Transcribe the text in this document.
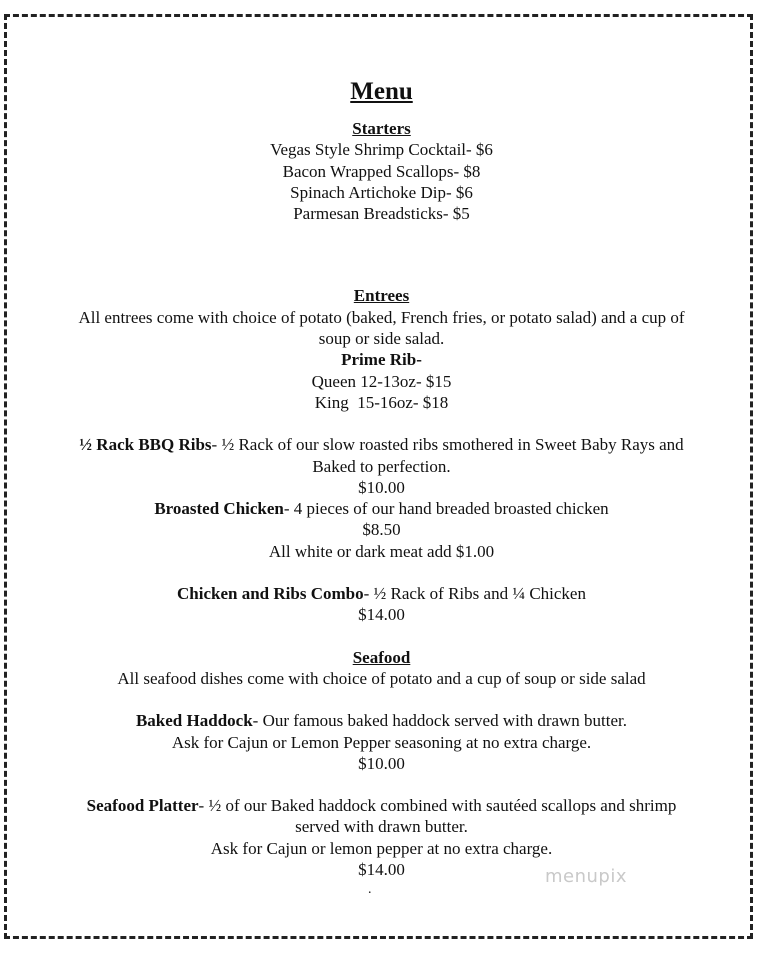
Menu
Starters
Vegas Style Shrimp Cocktail- $6
Bacon Wrapped Scallops- $8
Spinach Artichoke Dip- $6
Parmesan Breadsticks- $5
Entrees
All entrees come with choice of potato (baked, French fries, or potato salad) and a cup of
soup or side salad.
Prime Rib-
Queen 12-13oz- $15
King  15-16oz- $18
½ Rack BBQ Ribs- ½ Rack of our slow roasted ribs smothered in Sweet Baby Rays and
Baked to perfection.
$10.00
Broasted Chicken- 4 pieces of our hand breaded broasted chicken
$8.50
All white or dark meat add $1.00
Chicken and Ribs Combo- ½ Rack of Ribs and ¼ Chicken
$14.00
Seafood
All seafood dishes come with choice of potato and a cup of soup or side salad
Baked Haddock- Our famous baked haddock served with drawn butter.
Ask for Cajun or Lemon Pepper seasoning at no extra charge.
$10.00
Seafood Platter- ½ of our Baked haddock combined with sautéed scallops and shrimp
served with drawn butter.
Ask for Cajun or lemon pepper at no extra charge.
$14.00
.
menupix
